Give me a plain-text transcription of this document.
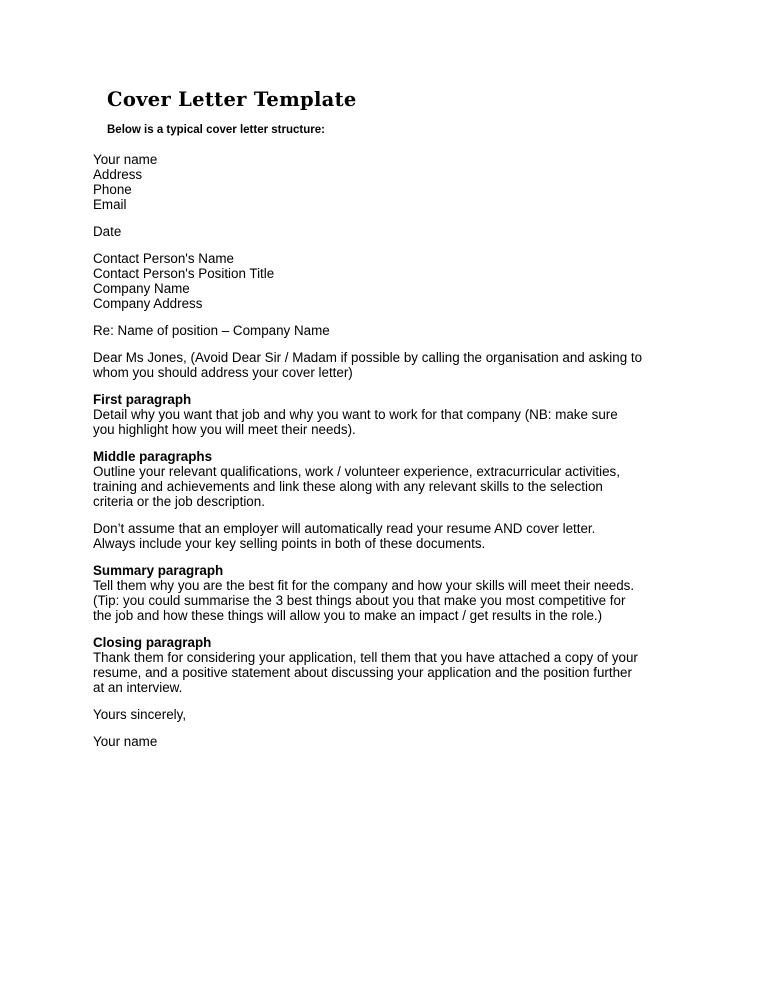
Cover Letter Template

Below is a typical cover letter structure:

Your name
Address
Phone
Email
Date
Contact Person's Name
Contact Person's Position Title
Company Name
Company Address
Re: Name of position – Company Name
Dear Ms Jones, (Avoid Dear Sir / Madam if possible by calling the organisation and asking to
whom you should address your cover letter)
First paragraph
Detail why you want that job and why you want to work for that company (NB: make sure
you highlight how you will meet their needs).
Middle paragraphs
Outline your relevant qualifications, work / volunteer experience, extracurricular activities,
training and achievements and link these along with any relevant skills to the selection
criteria or the job description.
Don’t assume that an employer will automatically read your resume AND cover letter.
Always include your key selling points in both of these documents.
Summary paragraph
Tell them why you are the best fit for the company and how your skills will meet their needs.
(Tip: you could summarise the 3 best things about you that make you most competitive for
the job and how these things will allow you to make an impact / get results in the role.)
Closing paragraph
Thank them for considering your application, tell them that you have attached a copy of your
resume, and a positive statement about discussing your application and the position further
at an interview.
Yours sincerely,
Your name
